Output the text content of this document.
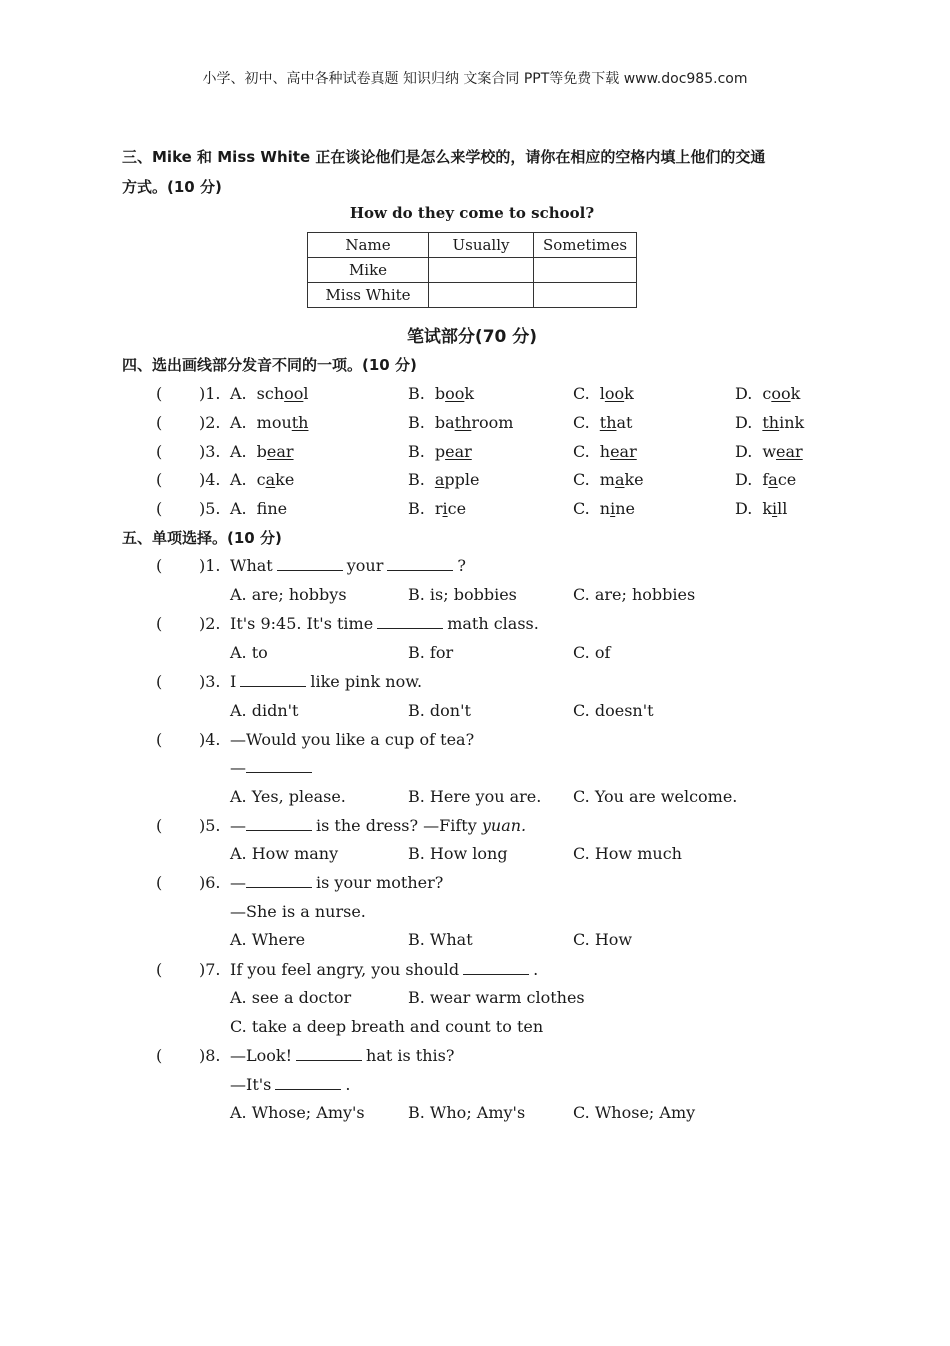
小学、初中、高中各种试卷真题 知识归纳 文案合同 PPT等免费下载 www.doc985.com
三、Mike 和 Miss White 正在谈论他们是怎么来学校的，请你在相应的空格内填上他们的交通
方式。(10 分)
How do they come to school?
Name	Usually	Sometimes
Mike		
Miss White		
笔试部分(70 分)
四、选出画线部分发音不同的一项。(10 分)
( )1. A. school	B. book	C. look	D. cook
( )2. A. mouth	B. bathroom	C. that	D. think
( )3. A. bear	B. pear	C. hear	D. wear
( )4. A. cake	B. apple	C. make	D. face
( )5. A. fne	B. rice	C. nine	D. kill
五、单项选择。(10 分)
( )1. What	your	?
A. are; hobbys	B. is; bobbies	C. are; hobbies
( )2. It's 9:45. It's time	math class.
A. to	B. for	C. of
( )3. I	like pink now.
A. didn't	B. don't	C. doesn't
( )4. —Would you like a cup of tea?
—
A. Yes, please.	B. Here you are. C. You are welcome.
( )5. —	is the dress? —Fifty yuan.
A. How many	B. How long	C. How much
( )6. —	is your mother?
—She is a nurse.
A. Where	B. What	C. How
( )7. If you feel angry, you should	.
A. see a doctor	B. wear warm clothes
C. take a deep breath and count to ten
( )8. —Look!	hat is this?
—It's	.
A. Whose; Amy's	B. Who; Amy's	C. Whose; Amy
